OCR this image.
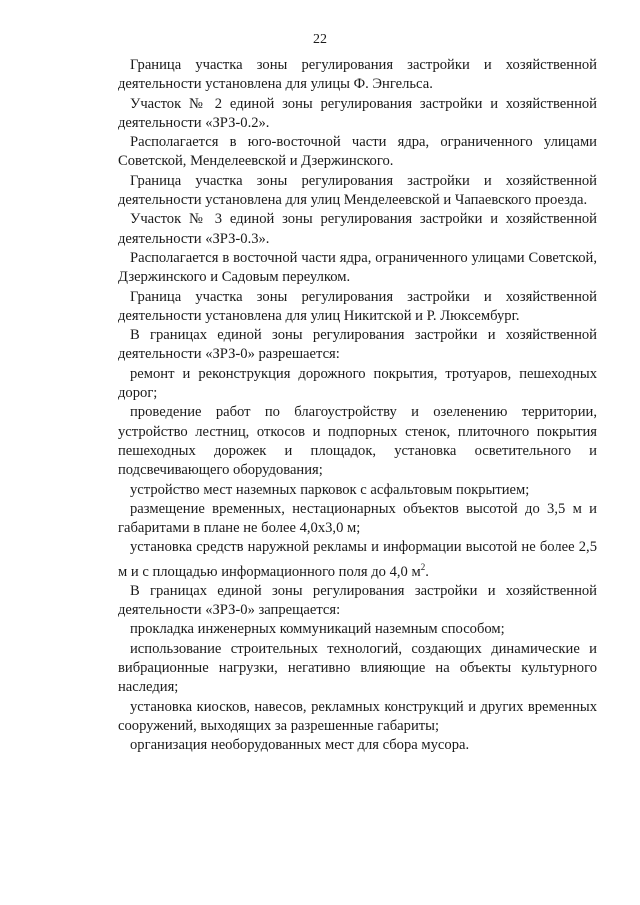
22

Граница участка зоны регулирования застройки и хозяйственной деятельности установлена для улицы Ф. Энгельса.

Участок № 2 единой зоны регулирования застройки и хозяйственной деятельности «ЗРЗ-0.2».

Располагается в юго-восточной части ядра, ограниченного улицами Советской, Менделеевской и Дзержинского.

Граница участка зоны регулирования застройки и хозяйственной деятельности установлена для улиц Менделеевской и Чапаевского проезда.

Участок № 3 единой зоны регулирования застройки и хозяйственной деятельности «ЗРЗ-0.3».

Располагается в восточной части ядра, ограниченного улицами Советской, Дзержинского и Садовым переулком.

Граница участка зоны регулирования застройки и хозяйственной деятельности установлена для улиц Никитской и Р. Люксембург.

В границах единой зоны регулирования застройки и хозяйственной деятельности «ЗРЗ-0» разрешается:

ремонт и реконструкция дорожного покрытия, тротуаров, пешеходных дорог;

проведение работ по благоустройству и озеленению территории, устройство лестниц, откосов и подпорных стенок, плиточного покрытия пешеходных дорожек и площадок, установка осветительного и подсвечивающего оборудования;

устройство мест наземных парковок с асфальтовым покрытием;

размещение временных, нестационарных объектов высотой до 3,5 м и габаритами в плане не более 4,0х3,0 м;

установка средств наружной рекламы и информации высотой не более 2,5 м и с площадью информационного поля до 4,0 $м^2$.

В границах единой зоны регулирования застройки и хозяйственной деятельности «ЗРЗ-0» запрещается:

прокладка инженерных коммуникаций наземным способом;

использование строительных технологий, создающих динамические и вибрационные нагрузки, негативно влияющие на объекты культурного наследия;

установка киосков, навесов, рекламных конструкций и других временных сооружений, выходящих за разрешенные габариты;

организация необорудованных мест для сбора мусора.
